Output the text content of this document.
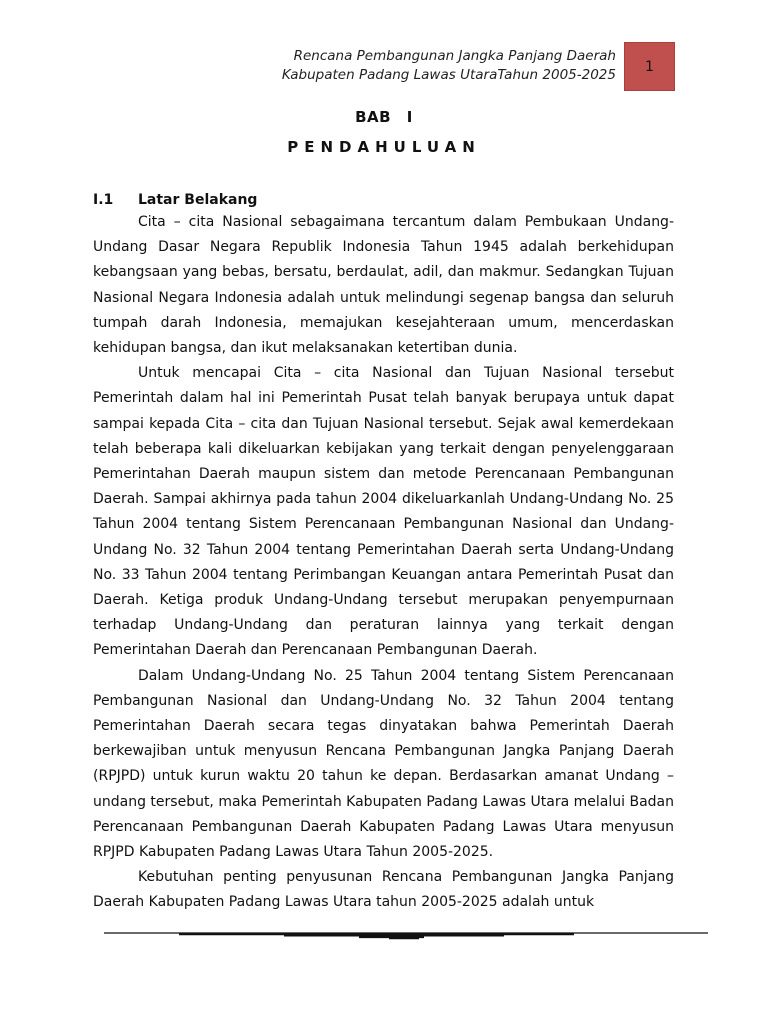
Rencana Pembangunan Jangka Panjang Daerah
Kabupaten Padang Lawas UtaraTahun 2005-2025
1
BAB I
PENDAHULUAN
I.1 Latar Belakang

Cita – cita Nasional sebagaimana tercantum dalam Pembukaan Undang-Undang Dasar Negara Republik Indonesia Tahun 1945 adalah berkehidupan kebangsaan yang bebas, bersatu, berdaulat, adil, dan makmur. Sedangkan Tujuan Nasional Negara Indonesia adalah untuk melindungi segenap bangsa dan seluruh tumpah darah Indonesia, memajukan kesejahteraan umum, mencerdaskan kehidupan bangsa, dan ikut melaksanakan ketertiban dunia.

Untuk mencapai Cita – cita Nasional dan Tujuan Nasional tersebut Pemerintah dalam hal ini Pemerintah Pusat telah banyak berupaya untuk dapat sampai kepada Cita – cita dan Tujuan Nasional tersebut. Sejak awal kemerdekaan telah beberapa kali dikeluarkan kebijakan yang terkait dengan penyelenggaraan Pemerintahan Daerah maupun sistem dan metode Perencanaan Pembangunan Daerah. Sampai akhirnya pada tahun 2004 dikeluarkanlah Undang-Undang No. 25 Tahun 2004 tentang Sistem Perencanaan Pembangunan Nasional dan Undang-Undang No. 32 Tahun 2004 tentang Pemerintahan Daerah serta Undang-Undang No. 33 Tahun 2004 tentang Perimbangan Keuangan antara Pemerintah Pusat dan Daerah. Ketiga produk Undang-Undang tersebut merupakan penyempurnaan terhadap Undang-Undang dan peraturan lainnya yang terkait dengan Pemerintahan Daerah dan Perencanaan Pembangunan Daerah.

Dalam Undang-Undang No. 25 Tahun 2004 tentang Sistem Perencanaan Pembangunan Nasional dan Undang-Undang No. 32 Tahun 2004 tentang Pemerintahan Daerah secara tegas dinyatakan bahwa Pemerintah Daerah berkewajiban untuk menyusun Rencana Pembangunan Jangka Panjang Daerah (RPJPD) untuk kurun waktu 20 tahun ke depan. Berdasarkan amanat Undang – undang tersebut, maka Pemerintah Kabupaten Padang Lawas Utara melalui Badan Perencanaan Pembangunan Daerah Kabupaten Padang Lawas Utara menyusun RPJPD Kabupaten Padang Lawas Utara Tahun 2005-2025.

Kebutuhan penting penyusunan Rencana Pembangunan Jangka Panjang Daerah Kabupaten Padang Lawas Utara tahun 2005-2025 adalah untuk
